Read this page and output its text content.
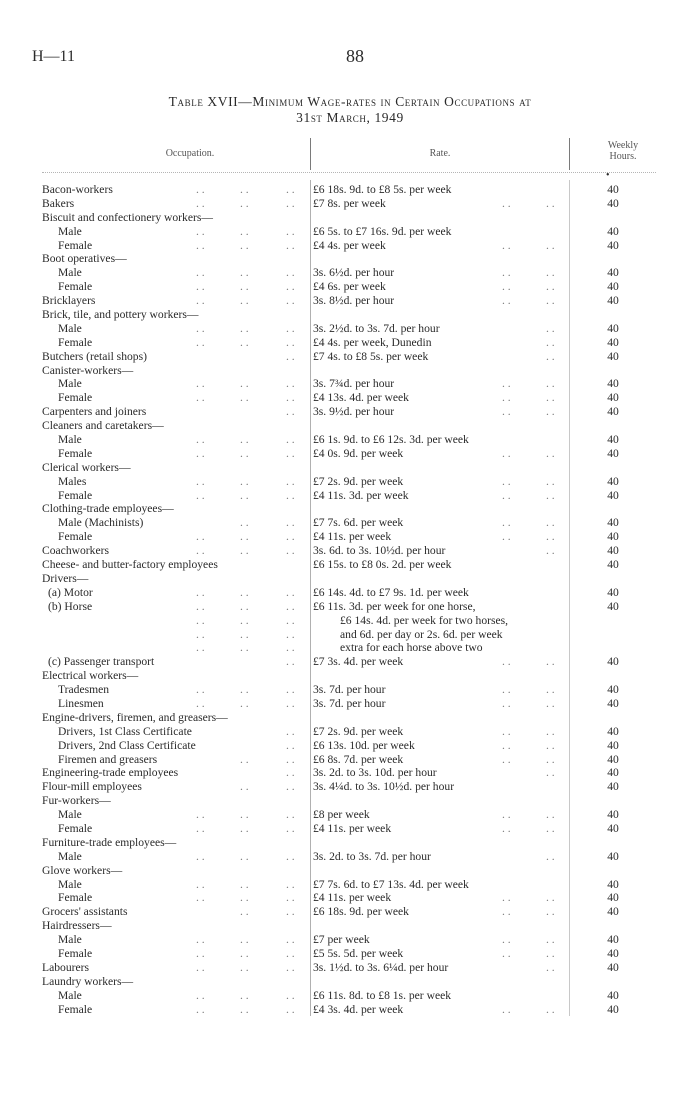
H—11	88
Table XVII—Minimum Wage-rates in Certain Occupations at
31st March, 1949
Occupation.	Rate.
Weekly
Hours.
•
Bacon-workers	. .	. .	. . £6 18s. 9d. to £8 5s. per week	40
Bakers	. .	. .	. . £7 8s. per week	. .	. .	40
Biscuit and confectionery workers—
Male	. .	. .	. . £6 5s. to £7 16s. 9d. per week	40
Female	. .	. .	. . £4 4s. per week	. .	. .	40
Boot operatives—
Male	. .	. .	. . 3s. 6½d. per hour	. .	. .	40
Female	. .	. .	. . £4 6s. per week	. .	. .	40
Bricklayers	. .	. .	. . 3s. 8½d. per hour	. .	. .	40
Brick, tile, and pottery workers—
Male	. .	. .	. . 3s. 2½d. to 3s. 7d. per hour	. .	40
Female	. .	. .	. . £4 4s. per week, Dunedin	. .	40
Butchers (retail shops)	. . £7 4s. to £8 5s. per week	. .	40
Canister-workers—
Male	. .	. .	. . 3s. 7¾d. per hour	. .	. .	40
Female	. .	. .	. . £4 13s. 4d. per week	. .	. .	40
Carpenters and joiners	. . 3s. 9½d. per hour	. .	. .	40
Cleaners and caretakers—
Male	. .	. .	. . £6 1s. 9d. to £6 12s. 3d. per week	40
Female	. .	. .	. . £4 0s. 9d. per week	. .	. .	40
Clerical workers—
Males	. .	. .	. . £7 2s. 9d. per week	. .	. .	40
Female	. .	. .	. . £4 11s. 3d. per week	. .	. .	40
Clothing-trade employees—
Male (Machinists)	. .	. . £7 7s. 6d. per week	. .	. .	40
Female	. .	. .	. . £4 11s. per week	. .	. .	40
Coachworkers	. .	. .	. . 3s. 6d. to 3s. 10½d. per hour	. .	40
Cheese- and butter-factory employees	£6 15s. to £8 0s. 2d. per week	40
Drivers—
(a) Motor	. .	. .	. . £6 14s. 4d. to £7 9s. 1d. per week	40
(b) Horse	. .	. .	. . £6 11s. 3d. per week for one horse,	40
. .	. .	. .	£6 14s. 4d. per week for two horses,
. .	. .	. .	and 6d. per day or 2s. 6d. per week
. .	. .	. .	extra for each horse above two
(c) Passenger transport	. . £7 3s. 4d. per week	. .	. .	40
Electrical workers—
Tradesmen	. .	. .	. . 3s. 7d. per hour	. .	. .	40
Linesmen	. .	. .	. . 3s. 7d. per hour	. .	. .	40
Engine-drivers, firemen, and greasers—
Drivers, 1st Class Certificate	. . £7 2s. 9d. per week	. .	. .	40
Drivers, 2nd Class Certificate	. . £6 13s. 10d. per week	. .	. .	40
Firemen and greasers	. .	. . £6 8s. 7d. per week	. .	. .	40
Engineering-trade employees	. . 3s. 2d. to 3s. 10d. per hour	. .	40
Flour-mill employees	. .	. . 3s. 4¼d. to 3s. 10½d. per hour	40
Fur-workers—
Male	. .	. .	. . £8 per week	. .	. .	40
Female	. .	. .	. . £4 11s. per week	. .	. .	40
Furniture-trade employees—
Male	. .	. .	. . 3s. 2d. to 3s. 7d. per hour	. .	40
Glove workers—
Male	. .	. .	. . £7 7s. 6d. to £7 13s. 4d. per week	40
Female	. .	. .	. . £4 11s. per week	. .	. .	40
Grocers' assistants	. .	. . £6 18s. 9d. per week	. .	. .	40
Hairdressers—
Male	. .	. .	. . £7 per week	. .	. .	40
Female	. .	. .	. . £5 5s. 5d. per week	. .	. .	40
Labourers	. .	. .	. . 3s. 1½d. to 3s. 6¼d. per hour	. .	40
Laundry workers—
Male	. .	. .	. . £6 11s. 8d. to £8 1s. per week	40
Female	. .	. .	. . £4 3s. 4d. per week	. .	. .	40
